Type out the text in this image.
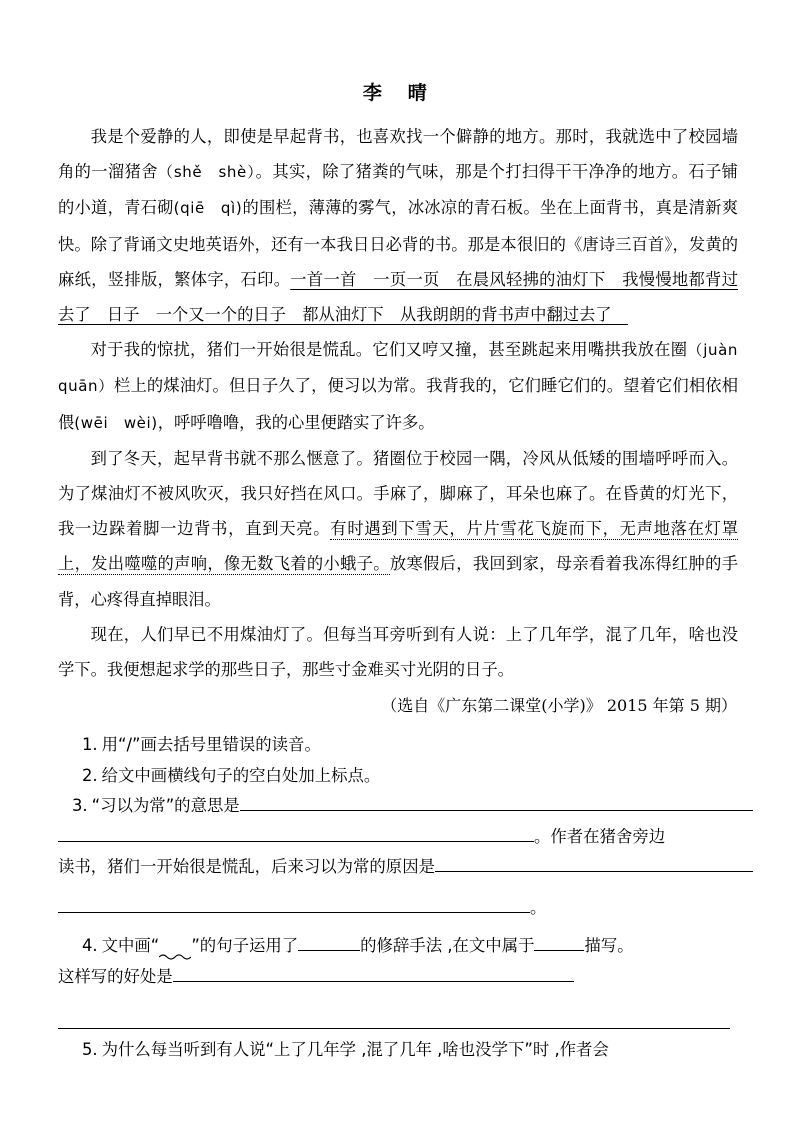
李　晴

我是个爱静的人，即使是早起背书，也喜欢找一个僻静的地方。那时，我就选中了校园墙角的一溜猪舍（shě　shè）。其实，除了猪粪的气味，那是个打扫得干干净净的地方。石子铺的小道，青石砌(qiē　qì)的围栏，薄薄的雾气，冰冰凉的青石板。坐在上面背书，真是清新爽快。除了背诵文史地英语外，还有一本我日日必背的书。那是本很旧的《唐诗三百首》，发黄的麻纸，竖排版，繁体字，石印。一首一首　一页一页　在晨风轻拂的油灯下　我慢慢地都背过去了　日子　一个又一个的日子　都从油灯下　从我朗朗的背书声中翻过去了　

对于我的惊扰，猪们一开始很是慌乱。它们又哼又撞，甚至跳起来用嘴拱我放在圈（juàn　quān）栏上的煤油灯。但日子久了，便习以为常。我背我的，它们睡它们的。望着它们相依相偎(wēi　wèi)，呼呼噜噜，我的心里便踏实了许多。

到了冬天，起早背书就不那么惬意了。猪圈位于校园一隅，冷风从低矮的围墙呼呼而入。为了煤油灯不被风吹灭，我只好挡在风口。手麻了，脚麻了，耳朵也麻了。在昏黄的灯光下，我一边跺着脚一边背书，直到天亮。有时遇到下雪天，片片雪花飞旋而下，无声地落在灯罩上，发出噬噬的声响，像无数飞着的小蛾子。放寒假后，我回到家，母亲看着我冻得红肿的手背，心疼得直掉眼泪。

现在，人们早已不用煤油灯了。但每当耳旁听到有人说：上了几年学，混了几年，啥也没学下。我便想起求学的那些日子，那些寸金难买寸光阴的日子。

（选自《广东第二课堂(小学)》 2015 年第 5 期）
1. 用“/”画去括号里错误的读音。
2. 给文中画横线句子的空白处加上标点。
3. “习以为常”的意思是
。作者在猪舍旁边
读书，猪们一开始很是慌乱，后来习以为常的原因是
。
4. 文中画“ ”的句子运用了	的修辞手法 ,在文中属于	描写。
这样写的好处是
5. 为什么每当听到有人说“上了几年学 ,混了几年 ,啥也没学下”时 ,作者会
